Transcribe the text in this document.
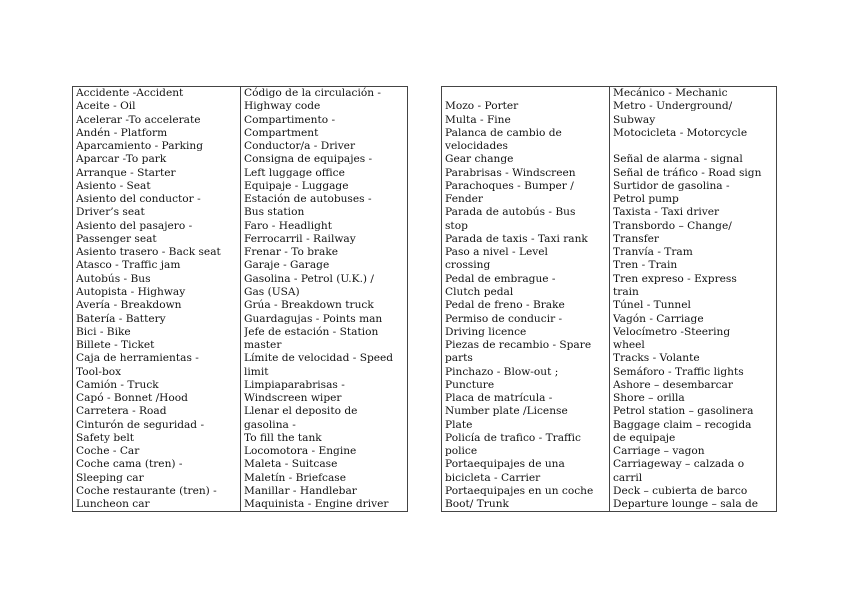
Accidente -Accident
Aceite - Oil
Acelerar -To accelerate
Andén - Platform
Aparcamiento - Parking
Aparcar -To park
Arranque - Starter
Asiento - Seat
Asiento del conductor -
Driver’s seat
Asiento del pasajero -
Passenger seat
Asiento trasero - Back seat
Atasco - Traffic jam
Autobús - Bus
Autopista - Highway
Avería - Breakdown
Batería - Battery
Bici - Bike
Billete - Ticket
Caja de herramientas -
Tool-box
Camión - Truck
Capó - Bonnet /Hood
Carretera - Road
Cinturón de seguridad -
Safety belt
Coche - Car
Coche cama (tren) -
Sleeping car
Coche restaurante (tren) -
Luncheon car
Código de la circulación -
Highway code
Compartimento -
Compartment
Conductor/a - Driver
Consigna de equipajes -
Left luggage office
Equipaje - Luggage
Estación de autobuses -
Bus station
Faro - Headlight
Ferrocarril - Railway
Frenar - To brake
Garaje - Garage
Gasolina - Petrol (U.K.) /
Gas (USA)
Grúa - Breakdown truck
Guardagujas - Points man
Jefe de estación - Station
master
Límite de velocidad - Speed
limit
Limpiaparabrisas -
Windscreen wiper
Llenar el deposito de
gasolina -
To fill the tank
Locomotora - Engine
Maleta - Suitcase
Maletín - Briefcase
Manillar - Handlebar
Maquinista - Engine driver
Mozo - Porter
Multa - Fine
Palanca de cambio de
velocidades
Gear change
Parabrisas - Windscreen
Parachoques - Bumper /
Fender
Parada de autobús - Bus
stop
Parada de taxis - Taxi rank
Paso a nivel - Level
crossing
Pedal de embrague -
Clutch pedal
Pedal de freno - Brake
Permiso de conducir -
Driving licence
Piezas de recambio - Spare
parts
Pinchazo - Blow-out ;
Puncture
Placa de matrícula -
Number plate /License
Plate
Policía de trafico - Traffic
police
Portaequipajes de una
bicicleta - Carrier
Portaequipajes en un coche
Boot/ Trunk
Mecánico - Mechanic
Metro - Underground/
Subway
Motocicleta - Motorcycle
Señal de alarma - signal
Señal de tráfico - Road sign
Surtidor de gasolina -
Petrol pump
Taxista - Taxi driver
Transbordo – Change/
Transfer
Tranvía - Tram
Tren - Train
Tren expreso - Express
train
Túnel - Tunnel
Vagón - Carriage
Velocímetro -Steering
wheel
Tracks - Volante
Semáforo - Traffic lights
Ashore – desembarcar
Shore – orilla
Petrol station – gasolinera
Baggage claim – recogida
de equipaje
Carriage – vagon
Carriageway – calzada o
carril
Deck – cubierta de barco
Departure lounge – sala de
